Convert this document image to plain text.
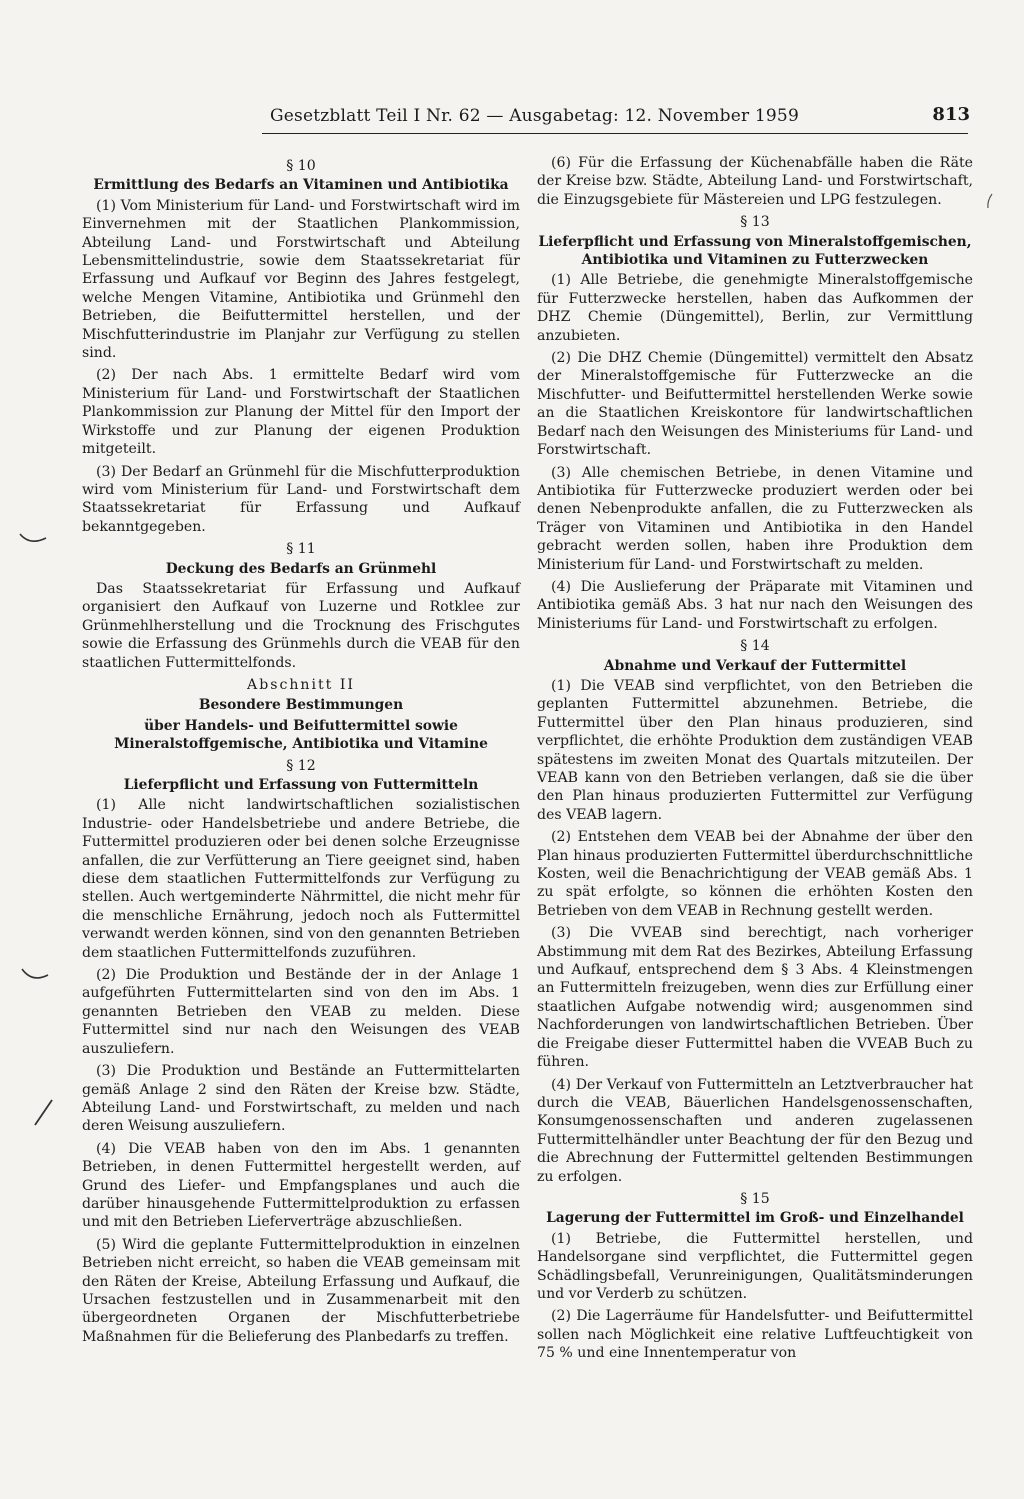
Gesetzblatt Teil I Nr. 62 — Ausgabetag: 12. November 1959	813
§ 10
Ermittlung des Bedarfs an Vitaminen und Antibiotika

(1) Vom Ministerium für Land- und Forstwirtschaft wird im Einvernehmen mit der Staatlichen Plankommission, Abteilung Land- und Forstwirtschaft und Abteilung Lebensmittelindustrie, sowie dem Staatssekretariat für Erfassung und Aufkauf vor Beginn des Jahres festgelegt, welche Mengen Vitamine, Antibiotika und Grünmehl den Betrieben, die Beifuttermittel herstellen, und der Mischfutterindustrie im Planjahr zur Verfügung zu stellen sind.

(2) Der nach Abs. 1 ermittelte Bedarf wird vom Ministerium für Land- und Forstwirtschaft der Staatlichen Plankommission zur Planung der Mittel für den Import der Wirkstoffe und zur Planung der eigenen Produktion mitgeteilt.

(3) Der Bedarf an Grünmehl für die Mischfutterproduktion wird vom Ministerium für Land- und Forstwirtschaft dem Staatssekretariat für Erfassung und Aufkauf bekanntgegeben.

§ 11
Deckung des Bedarfs an Grünmehl

Das Staatssekretariat für Erfassung und Aufkauf organisiert den Aufkauf von Luzerne und Rotklee zur Grünmehlherstellung und die Trocknung des Frischgutes sowie die Erfassung des Grünmehls durch die VEAB für den staatlichen Futtermittelfonds.

Abschnitt II
Besondere Bestimmungen
über Handels- und Beifuttermittel sowie Mineralstoffgemische, Antibiotika und Vitamine
§ 12
Lieferpflicht und Erfassung von Futtermitteln

(1) Alle nicht landwirtschaftlichen sozialistischen Industrie- oder Handelsbetriebe und andere Betriebe, die Futtermittel produzieren oder bei denen solche Erzeugnisse anfallen, die zur Verfütterung an Tiere geeignet sind, haben diese dem staatlichen Futtermittelfonds zur Verfügung zu stellen. Auch wertgeminderte Nährmittel, die nicht mehr für die menschliche Ernährung, jedoch noch als Futtermittel verwandt werden können, sind von den genannten Betrieben dem staatlichen Futtermittelfonds zuzuführen.

(2) Die Produktion und Bestände der in der Anlage 1 aufgeführten Futtermittelarten sind von den im Abs. 1 genannten Betrieben den VEAB zu melden. Diese Futtermittel sind nur nach den Weisungen des VEAB auszuliefern.

(3) Die Produktion und Bestände an Futtermittelarten gemäß Anlage 2 sind den Räten der Kreise bzw. Städte, Abteilung Land- und Forstwirtschaft, zu melden und nach deren Weisung auszuliefern.

(4) Die VEAB haben von den im Abs. 1 genannten Betrieben, in denen Futtermittel hergestellt werden, auf Grund des Liefer- und Empfangsplanes und auch die darüber hinausgehende Futtermittelproduktion zu erfassen und mit den Betrieben Lieferverträge abzuschließen.

(5) Wird die geplante Futtermittelproduktion in einzelnen Betrieben nicht erreicht, so haben die VEAB gemeinsam mit den Räten der Kreise, Abteilung Erfassung und Aufkauf, die Ursachen festzustellen und in Zusammenarbeit mit den übergeordneten Organen der Mischfutterbetriebe Maßnahmen für die Belieferung des Planbedarfs zu treffen.

(6) Für die Erfassung der Küchenabfälle haben die Räte der Kreise bzw. Städte, Abteilung Land- und Forstwirtschaft, die Einzugsgebiete für Mästereien und LPG festzulegen.

§ 13
Lieferpflicht und Erfassung von Mineralstoffgemischen, Antibiotika und Vitaminen zu Futterzwecken

(1) Alle Betriebe, die genehmigte Mineralstoffgemische für Futterzwecke herstellen, haben das Aufkommen der DHZ Chemie (Düngemittel), Berlin, zur Vermittlung anzubieten.

(2) Die DHZ Chemie (Düngemittel) vermittelt den Absatz der Mineralstoffgemische für Futterzwecke an die Mischfutter- und Beifuttermittel herstellenden Werke sowie an die Staatlichen Kreiskontore für landwirtschaftlichen Bedarf nach den Weisungen des Ministeriums für Land- und Forstwirtschaft.

(3) Alle chemischen Betriebe, in denen Vitamine und Antibiotika für Futterzwecke produziert werden oder bei denen Nebenprodukte anfallen, die zu Futterzwecken als Träger von Vitaminen und Antibiotika in den Handel gebracht werden sollen, haben ihre Produktion dem Ministerium für Land- und Forstwirtschaft zu melden.

(4) Die Auslieferung der Präparate mit Vitaminen und Antibiotika gemäß Abs. 3 hat nur nach den Weisungen des Ministeriums für Land- und Forstwirtschaft zu erfolgen.

§ 14
Abnahme und Verkauf der Futtermittel

(1) Die VEAB sind verpflichtet, von den Betrieben die geplanten Futtermittel abzunehmen. Betriebe, die Futtermittel über den Plan hinaus produzieren, sind verpflichtet, die erhöhte Produktion dem zuständigen VEAB spätestens im zweiten Monat des Quartals mitzuteilen. Der VEAB kann von den Betrieben verlangen, daß sie die über den Plan hinaus produzierten Futtermittel zur Verfügung des VEAB lagern.

(2) Entstehen dem VEAB bei der Abnahme der über den Plan hinaus produzierten Futtermittel überdurchschnittliche Kosten, weil die Benachrichtigung der VEAB gemäß Abs. 1 zu spät erfolgte, so können die erhöhten Kosten den Betrieben von dem VEAB in Rechnung gestellt werden.

(3) Die VVEAB sind berechtigt, nach vorheriger Abstimmung mit dem Rat des Bezirkes, Abteilung Erfassung und Aufkauf, entsprechend dem § 3 Abs. 4 Kleinstmengen an Futtermitteln freizugeben, wenn dies zur Erfüllung einer staatlichen Aufgabe notwendig wird; ausgenommen sind Nachforderungen von landwirtschaftlichen Betrieben. Über die Freigabe dieser Futtermittel haben die VVEAB Buch zu führen.

(4) Der Verkauf von Futtermitteln an Letztverbraucher hat durch die VEAB, Bäuerlichen Handelsgenossenschaften, Konsumgenossenschaften und anderen zugelassenen Futtermittelhändler unter Beachtung der für den Bezug und die Abrechnung der Futtermittel geltenden Bestimmungen zu erfolgen.

§ 15
Lagerung der Futtermittel im Groß- und Einzelhandel

(1) Betriebe, die Futtermittel herstellen, und Handelsorgane sind verpflichtet, die Futtermittel gegen Schädlingsbefall, Verunreinigungen, Qualitätsminderungen und vor Verderb zu schützen.

(2) Die Lagerräume für Handelsfutter- und Beifuttermittel sollen nach Möglichkeit eine relative Luftfeuchtigkeit von 75 % und eine Innentemperatur von
